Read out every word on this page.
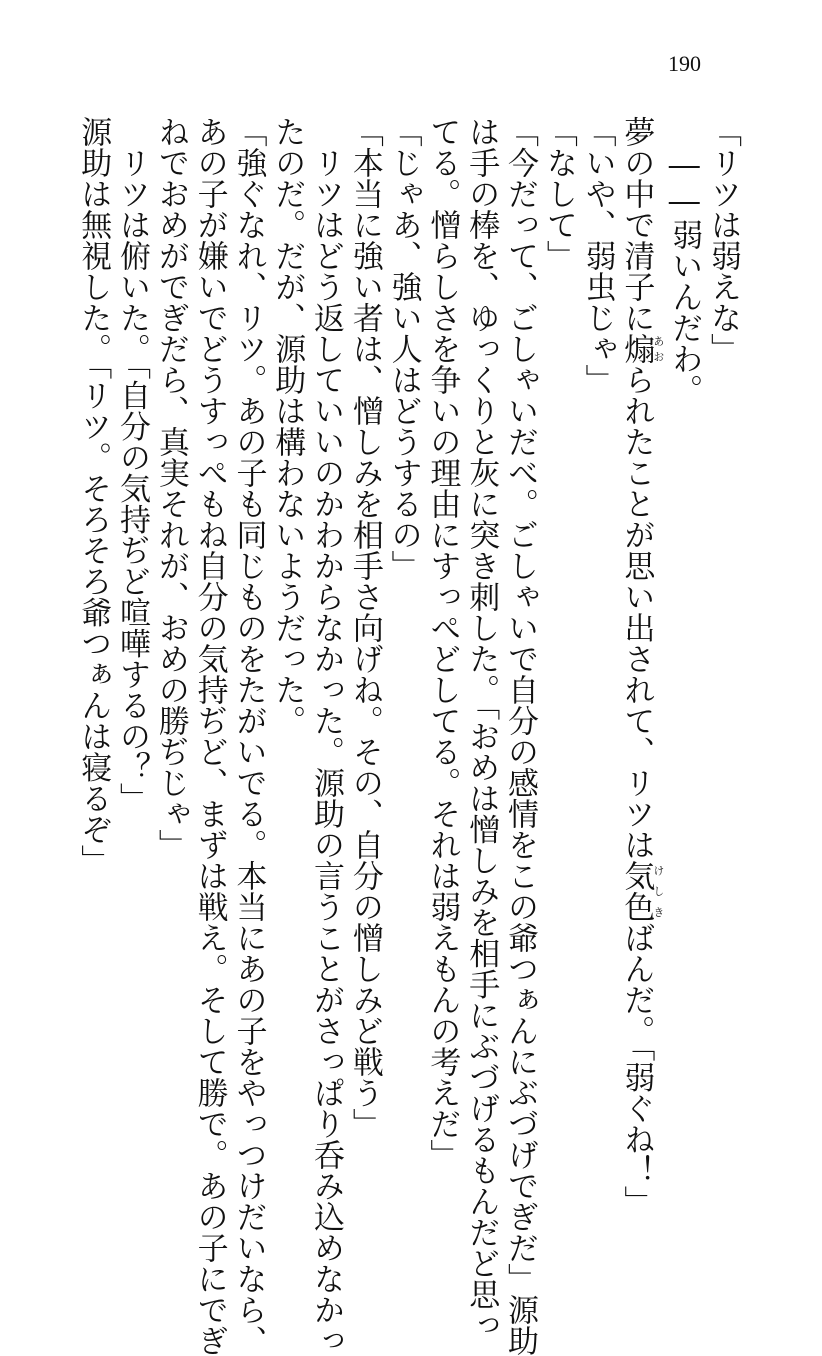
190
「リツは弱えな」
――弱いんだわ。
夢の中で清子に煽あおられたことが思い出されて、リツは気色けしきばんだ。「弱ぐね！」
「いや、弱虫じゃ」
「なして」
「今だって、ごしゃいだべ。ごしゃいで自分の感情をこの爺つぁんにぶづげでぎだ」源助
は手の棒を、ゆっくりと灰に突き刺した。「おめは憎しみを相手にぶづげるもんだど思っ
てる。憎らしさを争いの理由にすっぺどしてる。それは弱えもんの考えだ」
「じゃあ、強い人はどうするの」
「本当に強い者は、憎しみを相手さ向げね。その、自分の憎しみど戦う」
リツはどう返していいのかわからなかった。源助の言うことがさっぱり呑み込めなかっ
たのだ。だが、源助は構わないようだった。
「強ぐなれ、リツ。あの子も同じものをたがいでる。本当にあの子をやっつけだいなら、
あの子が嫌いでどうすっぺもね自分の気持ぢど、まずは戦え。そして勝で。あの子にでぎ
ねでおめがでぎだら、真実それが、おめの勝ぢじゃ」
リツは俯いた。「自分の気持ぢど喧嘩するの？」
源助は無視した。「リツ。そろそろ爺つぁんは寝るぞ」
